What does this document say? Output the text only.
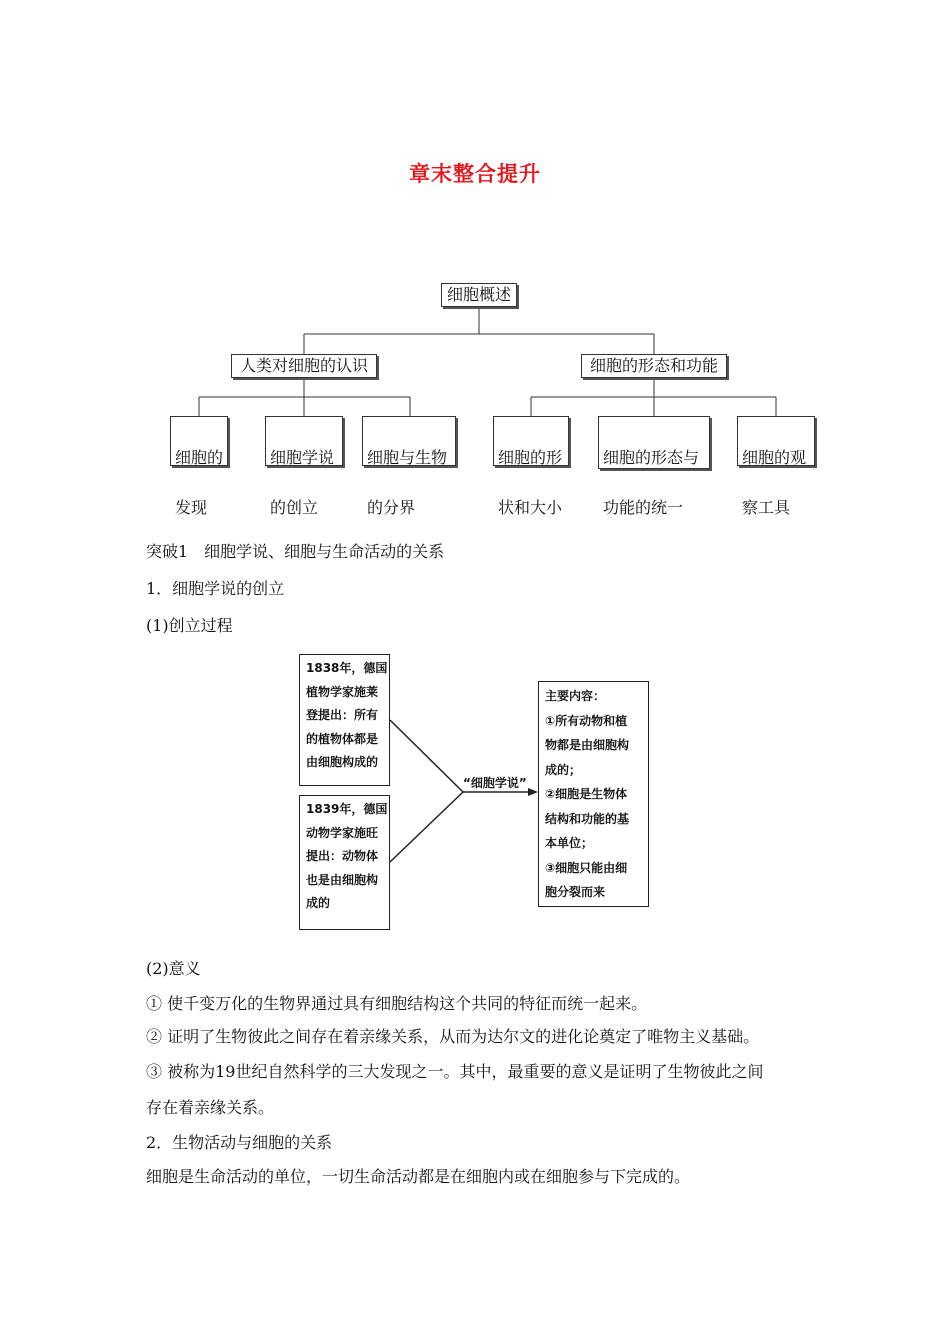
章末整合提升
细胞概述
人类对细胞的认识	细胞的形态和功能

细胞的

发现

细胞学说

的创立

细胞与生物

的分界

细胞的形

状和大小

细胞的形态与

功能的统一

细胞的观

察工具

突破1　细胞学说、细胞与生命活动的关系
1．细胞学说的创立
(1)创立过程
1838年，德国
植物学家施莱
登提出：所有
的植物体都是
由细胞构成的
1839年，德国
动物学家施旺
提出：动物体
也是由细胞构
成的
“细胞学说”
主要内容：
①所有动物和植
物都是由细胞构
成的；
②细胞是生物体
结构和功能的基
本单位；
③细胞只能由细
胞分裂而来
(2)意义
① 使千变万化的生物界通过具有细胞结构这个共同的特征而统一起来。
② 证明了生物彼此之间存在着亲缘关系，从而为达尔文的进化论奠定了唯物主义基础。
③ 被称为19世纪自然科学的三大发现之一。其中，最重要的意义是证明了生物彼此之间
存在着亲缘关系。
2．生物活动与细胞的关系
细胞是生命活动的单位，一切生命活动都是在细胞内或在细胞参与下完成的。
